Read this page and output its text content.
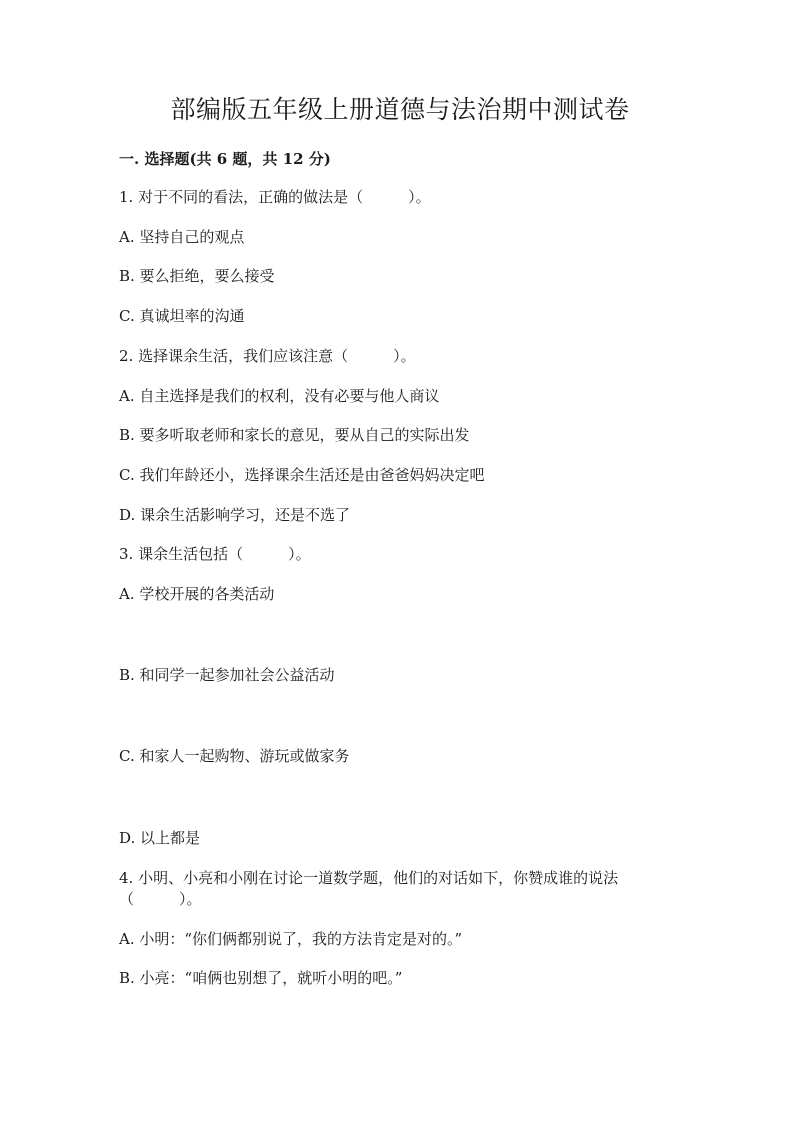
部编版五年级上册道德与法治期中测试卷
一. 选择题(共 6 题，共 12 分)
1. 对于不同的看法，正确的做法是（　　　）。
A. 坚持自己的观点
B. 要么拒绝，要么接受
C. 真诚坦率的沟通
2. 选择课余生活，我们应该注意（　　　）。
A. 自主选择是我们的权利，没有必要与他人商议
B. 要多听取老师和家长的意见，要从自己的实际出发
C. 我们年龄还小，选择课余生活还是由爸爸妈妈决定吧
D. 课余生活影响学习，还是不选了
3. 课余生活包括（　　　）。
A. 学校开展的各类活动
B. 和同学一起参加社会公益活动
C. 和家人一起购物、游玩或做家务
D. 以上都是
4. 小明、小亮和小刚在讨论一道数学题，他们的对话如下，你赞成谁的说法
（　　　）。
A. 小明：“你们俩都别说了，我的方法肯定是对的。”
B. 小亮：“咱俩也别想了，就听小明的吧。”
